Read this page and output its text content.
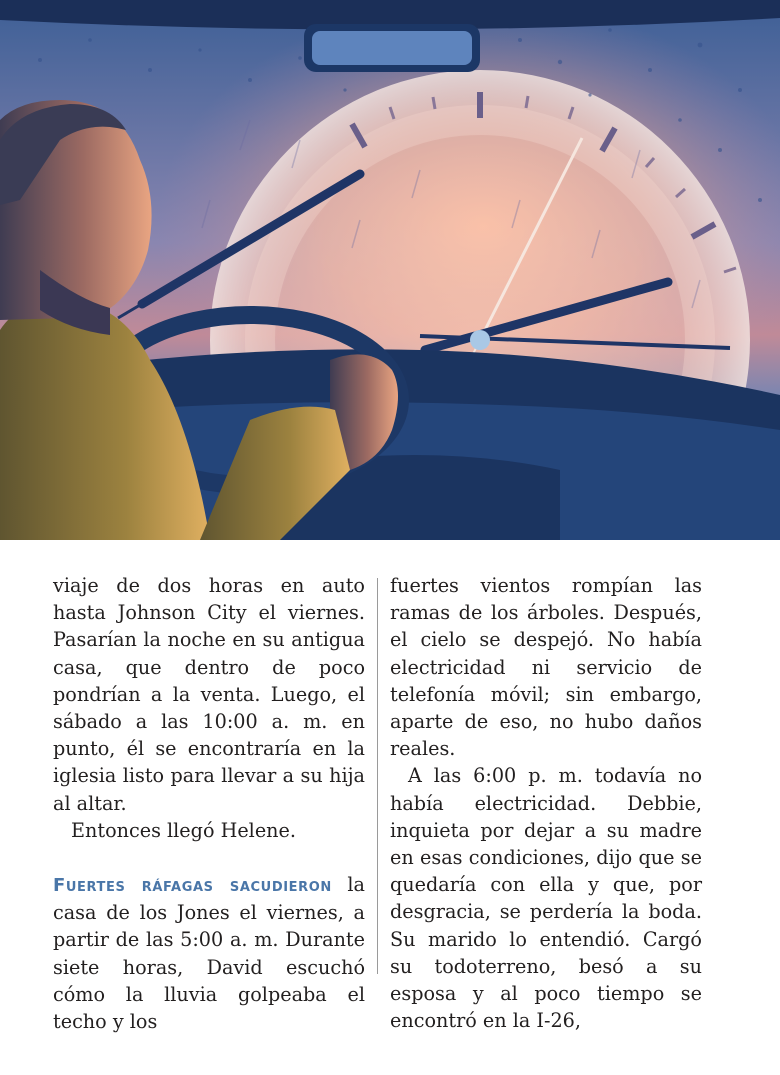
viaje de dos horas en auto hasta Johnson City el viernes. Pasarían la noche en su antigua casa, que dentro de poco pondrían a la venta. Luego, el sábado a las 10:00 a. m. en punto, él se encontraría en la iglesia listo para llevar a su hija al altar.

Entonces llegó Helene.

Fuertes ráfagas sacudieron la casa de los Jones el viernes, a partir de las 5:00 a. m. Durante siete horas, David escuchó cómo la lluvia golpeaba el techo y los

fuertes vientos rompían las ramas de los árboles. Después, el cielo se despejó. No había electricidad ni servicio de telefonía móvil; sin embargo, aparte de eso, no hubo daños reales.

A las 6:00 p. m. todavía no había electricidad. Debbie, inquieta por dejar a su madre en esas condiciones, dijo que se quedaría con ella y que, por desgracia, se perdería la boda. Su marido lo entendió. Cargó su todoterreno, besó a su esposa y al poco tiempo se encontró en la I‑26,
